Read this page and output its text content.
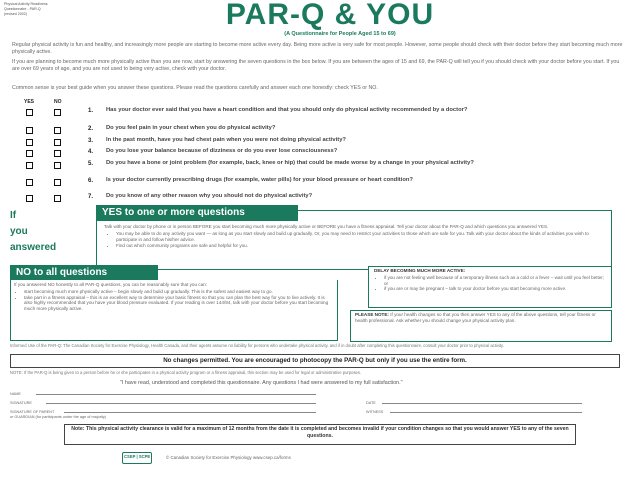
Physical Activity Readiness
Questionnaire - PAR-Q
(revised 2002)	PAR-Q & YOU
(A Questionnaire for People Aged 15 to 69)
Regular physical activity is fun and healthy, and increasingly more people are starting to become more active every day. Being more active is very safe for most people. However, some people should check with their doctor before they start becoming much more physically active.
If you are planning to become much more physically active than you are now, start by answering the seven questions in the box below. If you are between the ages of 15 and 69, the PAR-Q will tell you if you should check with your doctor before you start. If you are over 69 years of age, and you are not used to being very active, check with your doctor.
Common sense is your best guide when you answer these questions. Please read the questions carefully and answer each one honestly: check YES or NO.
YES	NO
1. Has your doctor ever said that you have a heart condition and that you should only do physical activity recommended by a doctor?
2. Do you feel pain in your chest when you do physical activity?
3. In the past month, have you had chest pain when you were not doing physical activity?
4. Do you lose your balance because of dizziness or do you ever lose consciousness?
5. Do you have a bone or joint problem (for example, back, knee or hip) that could be made worse by a change in your physical activity?
6. Is your doctor currently prescribing drugs (for example, water pills) for your blood pressure or heart condition?
7. Do you know of any other reason why you should not do physical activity?
If
you
answered
YES to one or more questions
Talk with your doctor by phone or in person BEFORE you start becoming much more physically active or BEFORE you have a fitness appraisal. Tell your doctor about the PAR-Q and which questions you answered YES.
• You may be able to do any activity you want — as long as you start slowly and build up gradually. Or, you may need to restrict your activities to those which are safe for you. Talk with your doctor about the kinds of activities you wish to participate in and follow his/her advice.
• Find out which community programs are safe and helpful for you.
NO to all questions
If you answered NO honestly to all PAR-Q questions, you can be reasonably sure that you can:
• start becoming much more physically active – begin slowly and build up gradually. This is the safest and easiest way to go.
• take part in a fitness appraisal – this is an excellent way to determine your basic fitness so that you can plan the best way for you to live actively. It is also highly recommended that you have your blood pressure evaluated. If your reading is over 144/94, talk with your doctor before you start becoming much more physically active.
DELAY BECOMING MUCH MORE ACTIVE:
• if you are not feeling well because of a temporary illness such as a cold or a fever – wait until you feel better; or
• if you are or may be pregnant – talk to your doctor before you start becoming more active.
PLEASE NOTE: If your health changes so that you then answer YES to any of the above questions, tell your fitness or health professional. Ask whether you should change your physical activity plan.
Informed Use of the PAR-Q: The Canadian Society for Exercise Physiology, Health Canada, and their agents assume no liability for persons who undertake physical activity, and if in doubt after completing this questionnaire, consult your doctor prior to physical activity.
No changes permitted. You are encouraged to photocopy the PAR-Q but only if you use the entire form.
NOTE: If the PAR-Q is being given to a person before he or she participates in a physical activity program or a fitness appraisal, this section may be used for legal or administrative purposes.
"I have read, understood and completed this questionnaire. Any questions I had were answered to my full satisfaction."
NAME
SIGNATURE	DATE
SIGNATURE OF PARENT
or GUARDIAN (for participants under the age of majority)
WITNESS
Note: This physical activity clearance is valid for a maximum of 12 months from the date it is completed and becomes invalid if your condition changes so that you would answer YES to any of the seven questions.
CSEP | SCPE	© Canadian Society for Exercise Physiology www.csep.ca/forms
